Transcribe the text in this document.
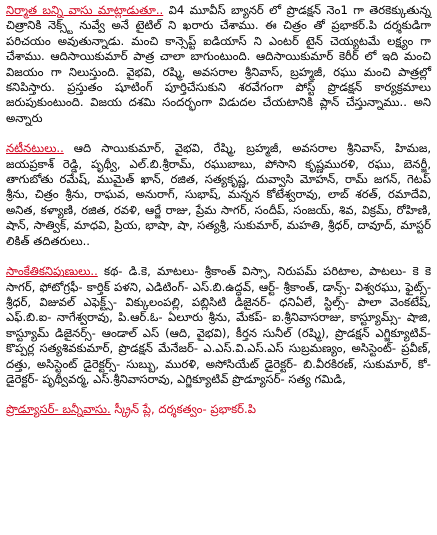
నిర్మాత బన్ని వాసు మాట్లాడుతూ.. వి4 మూవీస్ బ్యానర్ లో ప్రొడక్షన్ నెం1 గా తెరకెక్కుతున్న చిత్రానికి నెక్స్ట్ నువ్వే అనే టైటిల్ ని ఖరారు చేశాము. ఈ చిత్రం తో ప్రభాకర్.పి దర్శకుడిగా పరిచయం అవుతున్నాడు. మంచి కాన్సెప్ట్ ఐడియాస్ ని ఎంటర్ టైన్ చెయ్యటమే లక్ష్యం గా చేశాము. ఆదిసాయికుమార్ పాత్ర చాలా బాగుంటుంది. ఆదిసాయికుమార్ కెరీర్ లో ఇది మంచి విజయం గా నిలుస్తుంది. వైభవి, రష్మి, అవసరాల శ్రీనివాస్, బ్రహ్మజీ, రఘు మంచి పాత్రల్లో కనిపిస్తారు. ప్రస్తుతం షూటింగ్ పూర్తిచేసుకుని శరవేగంగా పోస్ట్ ప్రొడక్షన్ కార్యక్రమాలు జరుపుకుంటుంది. విజయ దశమి సందర్భంగా విడుదల చేయటానికి ప్లాన్ చేస్తున్నాము.. అని అన్నారు

నటీనటులు.. ఆది సాయికుమార్, వైభవి, రేష్మి, బ్రహ్మజీ, అవసరాల శ్రీనివాస్, హిమజ, జయప్రకాశ్ రెడ్డి, పృథ్వీ, ఎల్.బి.శ్రీరామ్, రఘుబాబు, పోసాని కృష్ణమురళి, రఘు, బెనర్జీ, తాగుబోతు రమేష్, ముమైత్ ఖాన్, రజిత, సత్యకృష్ణ, దువ్వాసి మోహన్, రామ్ జగన్, గెటప్ శ్రీను, చిత్రం శ్రీను, రాఘవ, అనురాగ్, సుభాష్, మన్నన కోటేశ్వరావు, లాబ్ శరత్, రమాదేవి, అనిత, కళ్యాణి, రజిత, రవళి, ఆర్జే రాజు, ప్రేమ సాగర్, సందీప్, సంజయ్, శివ, విక్రమ్, రోహిణి, షాన్, సాత్విక్, మాధవి, ప్రియ, భాషా, షా, సత్యశ్రీ, సుకుమార్, మహతి, శ్రీధర్, దావూద్, మాస్టర్ లికిత్ తదితరులు..

సాంకేతికనిపుణులు.. కథ- డి.కె, మాటలు- శ్రీకాంత్ విస్సా, నిరుపమ్ పరిటాల, పాటలు- కె కె సాగర్, ఫోటోగ్రఫీ- కార్తిక్ పళని, ఎడిటింగ్- ఎస్.బి.ఉద్ధవ్, ఆర్ట్- శ్రీకాంత్, డాన్స్- విశ్వరఘు, ఫైట్స్- శ్రీధర్, విజువల్ ఎఫెక్ట్స్- విక్కులంపల్లి, పబ్లిసిటి డిజైనర్- ధనిఏలే, స్టిల్స్- పాలా వెంకటేష్, ఎఫ్.బి.ఐ- నాగేశ్వరావు, పి.ఆర్.ఓ- ఏలూరు శ్రీను, మేకప్- ఐ.శ్రీనివాసరాజు, కాస్ట్యూమ్స్- షాజి, కాస్ట్యూమ్ డిజైనర్స్- ఆండాల్ ఎస్ (ఆది, వైభవి), కీర్తన సునీల్ (రష్మి), ప్రొడక్షన్ ఎగ్జిక్యూటివ్- కొప్పర్ల సత్యశివకుమార్, ప్రొడక్షన్ మేనేజర్- ఎ.ఎస్.వి.ఎస్.ఎస్ సుబ్రమణ్యం, అసిస్టెంట్- ప్రవీణ్, దత్తు, అసిస్టెంట్ డైరెక్టర్స్- సుబ్బు, మురళి, అసోసియేట్ డైరెక్టర్- బి.వీరకిరణ్, సుకుమార్, కో-డైరెక్టర్- పృథ్వీవర్మ, ఎస్.శ్రీనివాసరావు, ఎగ్జిక్యూటివ్ ప్రొడ్యూసర్- సత్య గమిడి,

ప్రొడ్యూసర్- బన్నీవాసు. స్క్రీన్ ప్లే, దర్శకత్వం- ప్రభాకర్.పి
